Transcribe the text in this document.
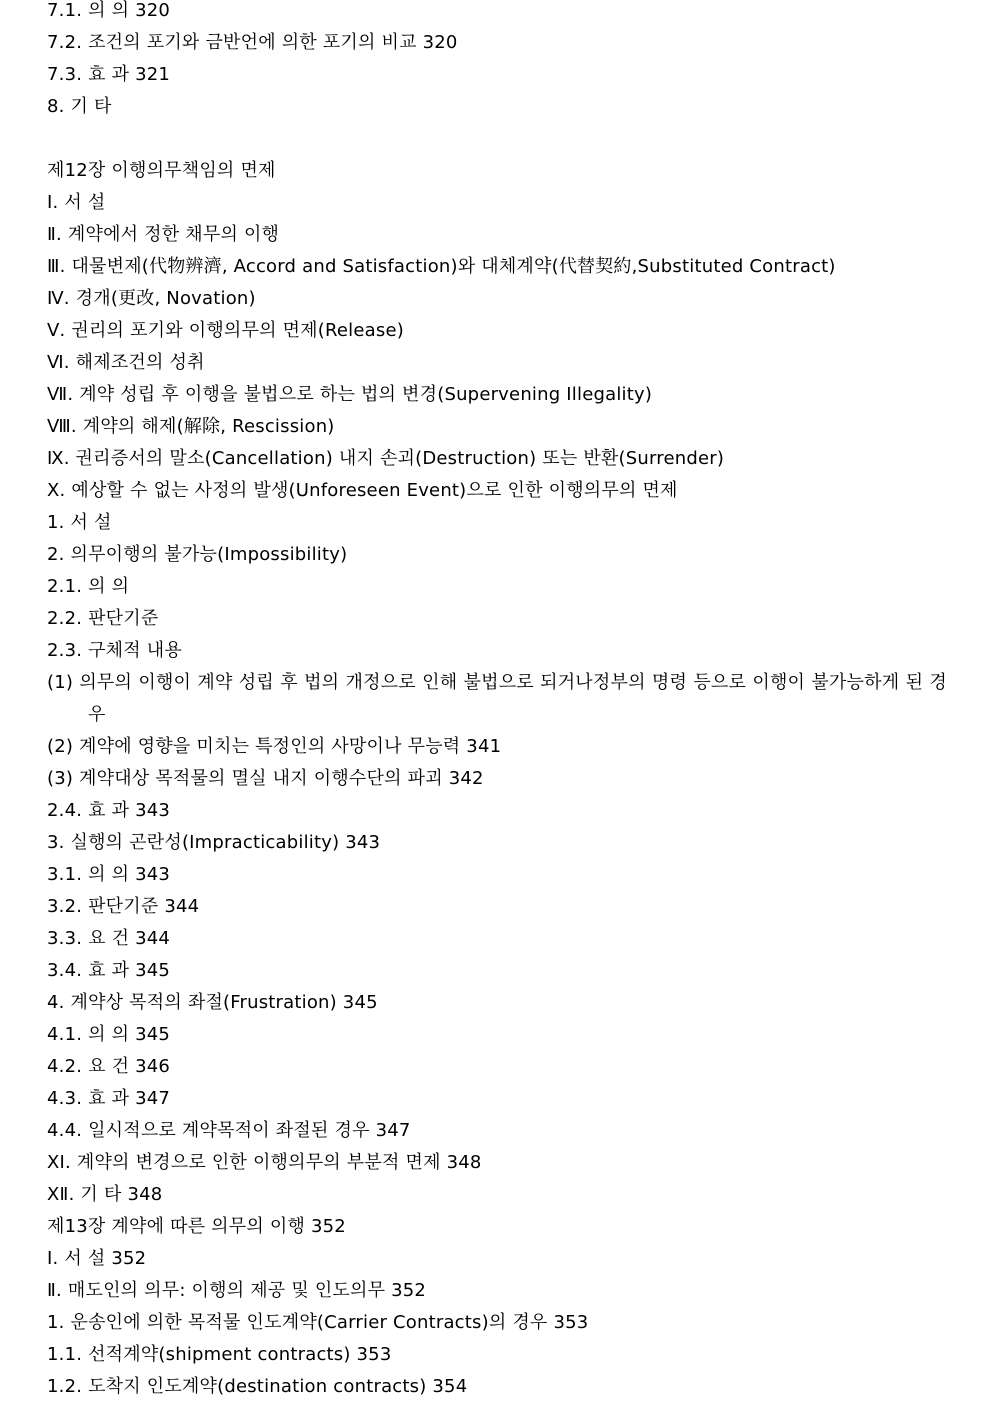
7.1. 의 의 320
7.2. 조건의 포기와 금반언에 의한 포기의 비교 320
7.3. 효 과 321
8. 기 타
제12장 이행의무책임의 면제
Ⅰ. 서 설
Ⅱ. 계약에서 정한 채무의 이행
Ⅲ. 대물변제(代物辨濟, Accord and Satisfaction)와 대체계약(代替契約,Substituted Contract)
Ⅳ. 경개(更改, Novation)
Ⅴ. 권리의 포기와 이행의무의 면제(Release)
Ⅵ. 해제조건의 성취
Ⅶ. 계약 성립 후 이행을 불법으로 하는 법의 변경(Supervening Illegality)
Ⅷ. 계약의 해제(解除, Rescission)
Ⅸ. 권리증서의 말소(Cancellation) 내지 손괴(Destruction) 또는 반환(Surrender)
Ⅹ. 예상할 수 없는 사정의 발생(Unforeseen Event)으로 인한 이행의무의 면제
1. 서 설
2. 의무이행의 불가능(Impossibility)
2.1. 의 의
2.2. 판단기준
2.3. 구체적 내용
(1) 의무의 이행이 계약 성립 후 법의 개정으로 인해 불법으로 되거나정부의 명령 등으로 이행이 불가능하게 된 경우
(2) 계약에 영향을 미치는 특정인의 사망이나 무능력 341
(3) 계약대상 목적물의 멸실 내지 이행수단의 파괴 342
2.4. 효 과 343
3. 실행의 곤란성(Impracticability) 343
3.1. 의 의 343
3.2. 판단기준 344
3.3. 요 건 344
3.4. 효 과 345
4. 계약상 목적의 좌절(Frustration) 345
4.1. 의 의 345
4.2. 요 건 346
4.3. 효 과 347
4.4. 일시적으로 계약목적이 좌절된 경우 347
ⅩⅠ. 계약의 변경으로 인한 이행의무의 부분적 면제 348
ⅩⅡ. 기 타 348
제13장 계약에 따른 의무의 이행 352
Ⅰ. 서 설 352
Ⅱ. 매도인의 의무: 이행의 제공 및 인도의무 352
1. 운송인에 의한 목적물 인도계약(Carrier Contracts)의 경우 353
1.1. 선적계약(shipment contracts) 353
1.2. 도착지 인도계약(destination contracts) 354
